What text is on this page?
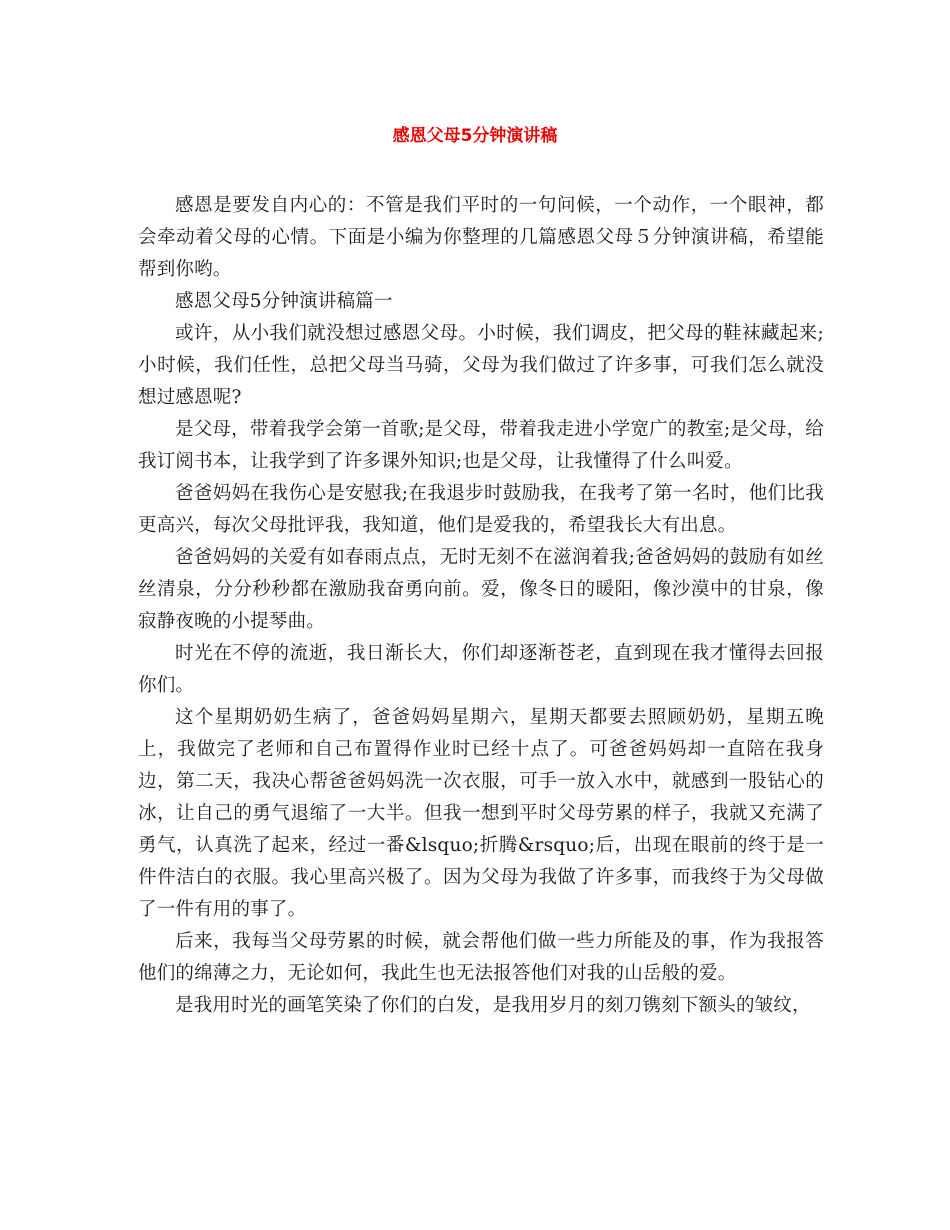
感恩父母5分钟演讲稿

感恩是要发自内心的：不管是我们平时的一句问候，一个动作，一个眼神，都会牵动着父母的心情。下面是小编为你整理的几篇感恩父母５分钟演讲稿，希望能帮到你哟。

感恩父母5分钟演讲稿篇一

或许，从小我们就没想过感恩父母。小时候，我们调皮，把父母的鞋袜藏起来;小时候，我们任性，总把父母当马骑，父母为我们做过了许多事，可我们怎么就没想过感恩呢?

是父母，带着我学会第一首歌;是父母，带着我走进小学宽广的教室;是父母，给我订阅书本，让我学到了许多课外知识;也是父母，让我懂得了什么叫爱。

爸爸妈妈在我伤心是安慰我;在我退步时鼓励我，在我考了第一名时，他们比我更高兴，每次父母批评我，我知道，他们是爱我的，希望我长大有出息。

爸爸妈妈的关爱有如春雨点点，无时无刻不在滋润着我;爸爸妈妈的鼓励有如丝丝清泉，分分秒秒都在激励我奋勇向前。爱，像冬日的暖阳，像沙漠中的甘泉，像寂静夜晚的小提琴曲。

时光在不停的流逝，我日渐长大，你们却逐渐苍老，直到现在我才懂得去回报你们。

这个星期奶奶生病了，爸爸妈妈星期六，星期天都要去照顾奶奶，星期五晚上，我做完了老师和自己布置得作业时已经十点了。可爸爸妈妈却一直陪在我身边，第二天，我决心帮爸爸妈妈洗一次衣服，可手一放入水中，就感到一股钻心的冰，让自己的勇气退缩了一大半。但我一想到平时父母劳累的样子，我就又充满了勇气，认真洗了起来，经过一番&lsquo;折腾&rsquo;后，出现在眼前的终于是一件件洁白的衣服。我心里高兴极了。因为父母为我做了许多事，而我终于为父母做了一件有用的事了。

后来，我每当父母劳累的时候，就会帮他们做一些力所能及的事，作为我报答他们的绵薄之力，无论如何，我此生也无法报答他们对我的山岳般的爱。

是我用时光的画笔笑染了你们的白发，是我用岁月的刻刀镌刻下额头的皱纹，
